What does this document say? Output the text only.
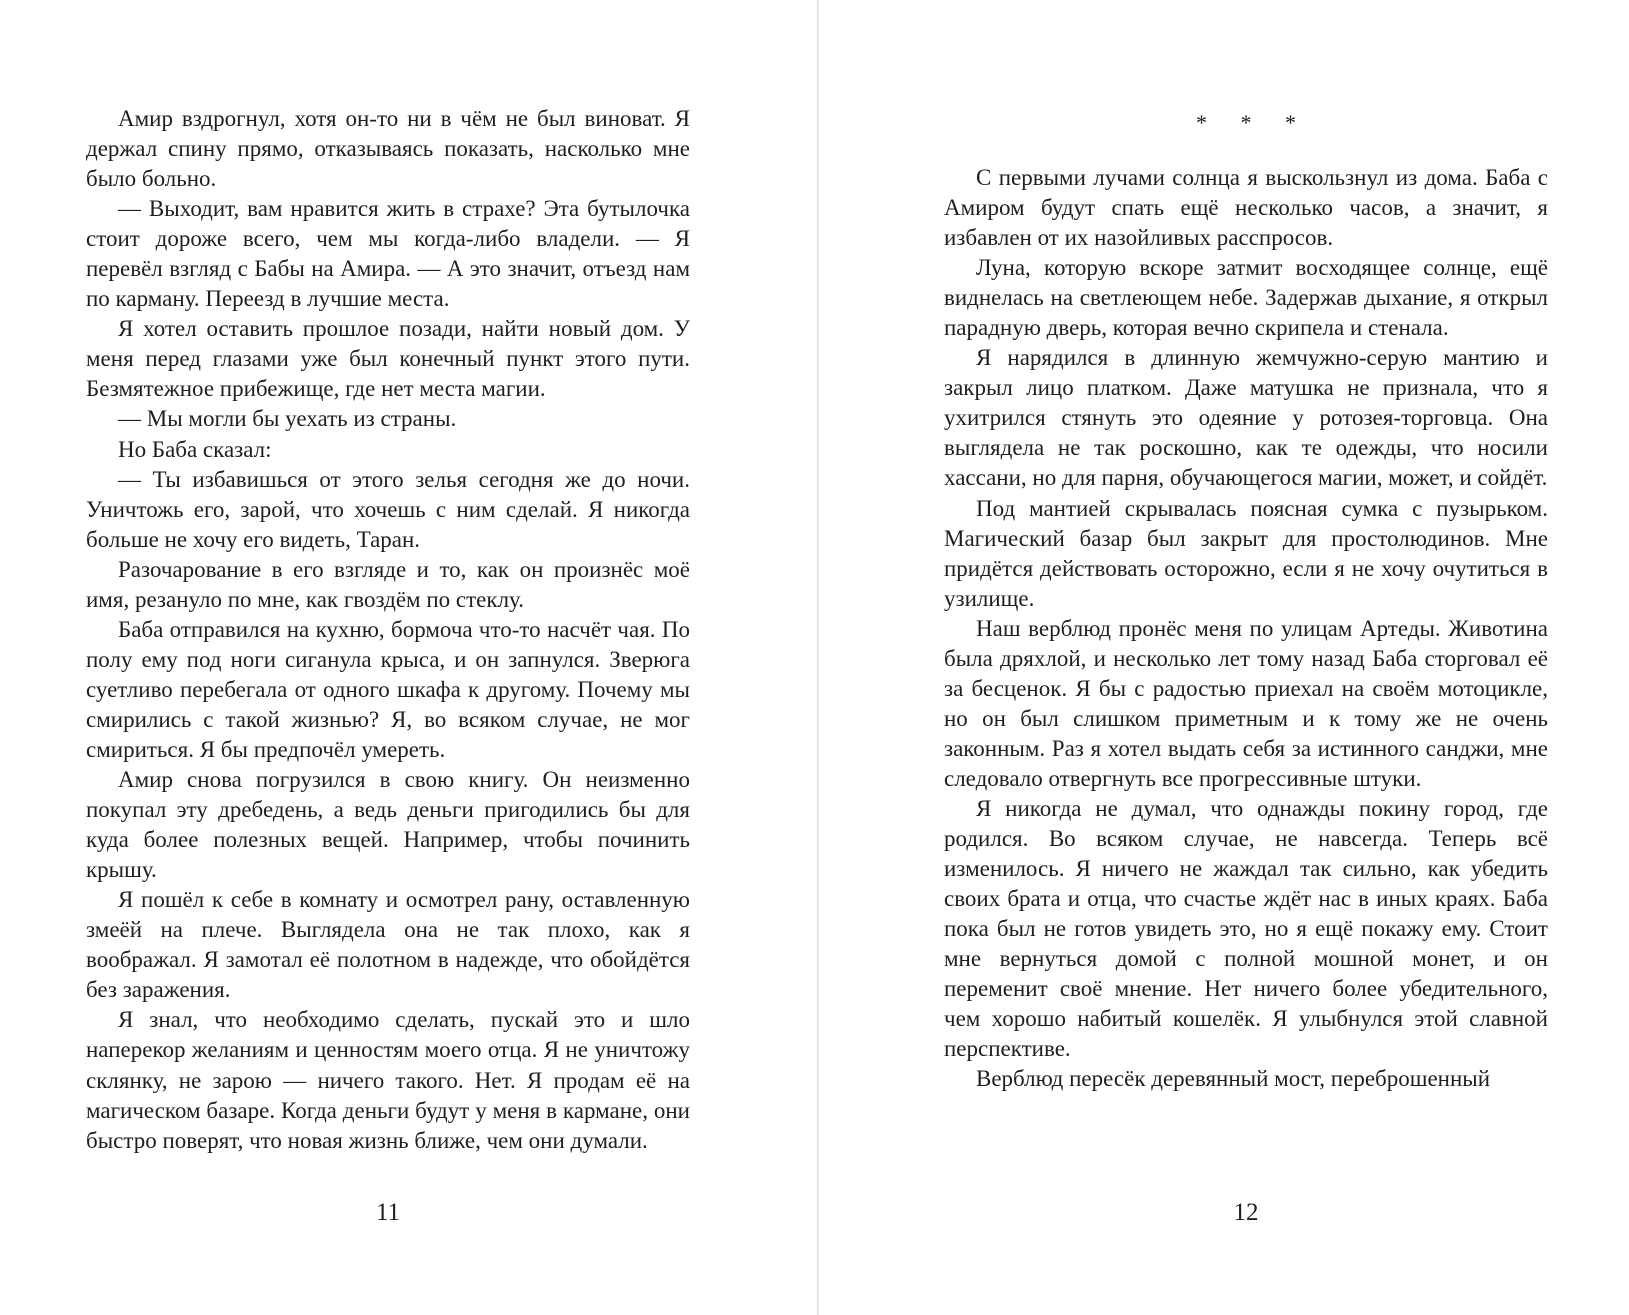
Амир вздрогнул, хотя он-то ни в чём не был виноват. Я держал спину прямо, отказываясь показать, насколько мне было больно.

— Выходит, вам нравится жить в страхе? Эта бутылочка стоит дороже всего, чем мы когда-либо владели. — Я перевёл взгляд с Бабы на Амира. — А это значит, отъезд нам по карману. Переезд в лучшие места.

Я хотел оставить прошлое позади, найти новый дом. У меня перед глазами уже был конечный пункт этого пути. Безмятежное прибежище, где нет места магии.

— Мы могли бы уехать из страны.

Но Баба сказал:

— Ты избавишься от этого зелья сегодня же до ночи. Уничтожь его, зарой, что хочешь с ним сделай. Я никогда больше не хочу его видеть, Таран.

Разочарование в его взгляде и то, как он произнёс моё имя, резануло по мне, как гвоздём по стеклу.

Баба отправился на кухню, бормоча что-то насчёт чая. По полу ему под ноги сиганула крыса, и он запнулся. Зверюга суетливо перебегала от одного шкафа к другому. Почему мы смирились с такой жизнью? Я, во всяком случае, не мог смириться. Я бы предпочёл умереть.

Амир снова погрузился в свою книгу. Он неизменно покупал эту дребедень, а ведь деньги пригодились бы для куда более полезных вещей. Например, чтобы починить крышу.

Я пошёл к себе в комнату и осмотрел рану, оставленную змеёй на плече. Выглядела она не так плохо, как я воображал. Я замотал её полотном в надежде, что обойдётся без заражения.

Я знал, что необходимо сделать, пускай это и шло наперекор желаниям и ценностям моего отца. Я не уничтожу склянку, не зарою — ничего такого. Нет. Я продам её на магическом базаре. Когда деньги будут у меня в кармане, они быстро поверят, что новая жизнь ближе, чем они думали.

11
* * *

С первыми лучами солнца я выскользнул из дома. Баба с Амиром будут спать ещё несколько часов, а значит, я избавлен от их назойливых расспросов.

Луна, которую вскоре затмит восходящее солнце, ещё виднелась на светлеющем небе. Задержав дыхание, я открыл парадную дверь, которая вечно скрипела и стенала.

Я нарядился в длинную жемчужно-серую мантию и закрыл лицо платком. Даже матушка не признала, что я ухитрился стянуть это одеяние у ротозея-торговца. Она выглядела не так роскошно, как те одежды, что носили хассани, но для парня, обучающегося магии, может, и сойдёт.

Под мантией скрывалась поясная сумка с пузырьком. Магический базар был закрыт для простолюдинов. Мне придётся действовать осторожно, если я не хочу очутиться в узилище.

Наш верблюд пронёс меня по улицам Артеды. Животина была дряхлой, и несколько лет тому назад Баба сторговал её за бесценок. Я бы с радостью приехал на своём мотоцикле, но он был слишком приметным и к тому же не очень законным. Раз я хотел выдать себя за истинного санджи, мне следовало отвергнуть все прогрессивные штуки.

Я никогда не думал, что однажды покину город, где родился. Во всяком случае, не навсегда. Теперь всё изменилось. Я ничего не жаждал так сильно, как убедить своих брата и отца, что счастье ждёт нас в иных краях. Баба пока был не готов увидеть это, но я ещё покажу ему. Стоит мне вернуться домой с полной мошной монет, и он переменит своё мнение. Нет ничего более убедительного, чем хорошо набитый кошелёк. Я улыбнулся этой славной перспективе.

Верблюд пересёк деревянный мост, переброшенный

12
